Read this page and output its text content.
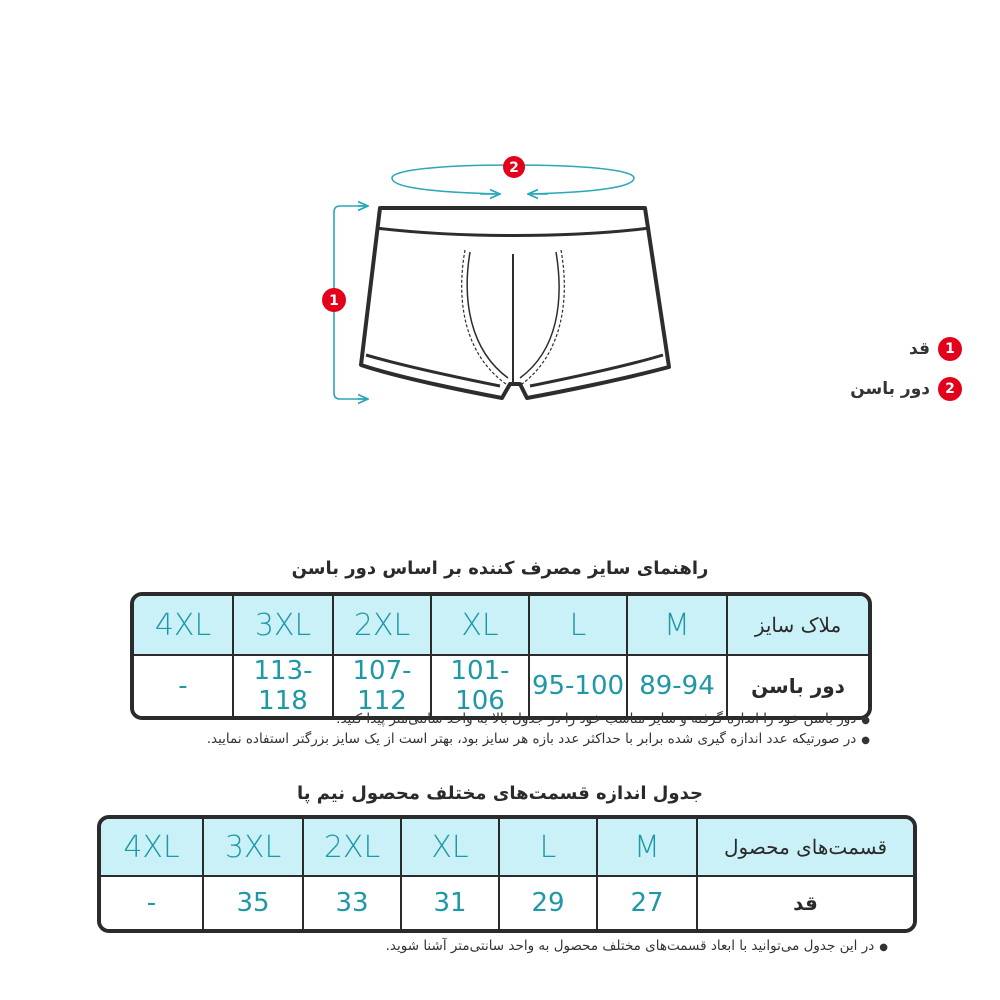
2
1
1
قد
2
دور باسن
راهنمای سایز مصرف کننده بر اساس دور باسن
4XL	3XL	2XL	XL	L	M	ملاک سایز
-	113-118	107-112	101-106	95-100	89-94	دور باسن
● دور باسن خود را اندازه گرفته و سایز مناسب خود را در جدول بالا به واحد سانتی‌متر پیدا کنید.
● در صورتیکه عدد اندازه گیری شده برابر با حداکثر عدد بازه هر سایز بود، بهتر است از یک سایز بزرگتر استفاده نمایید.
جدول اندازه قسمت‌های مختلف محصول نیم پا
4XL	3XL	2XL	XL	L	M	قسمت‌های محصول
-	35	33	31	29	27	قد
● در این جدول می‌توانید با ابعاد قسمت‌های مختلف محصول به واحد سانتی‌متر آشنا شوید.
